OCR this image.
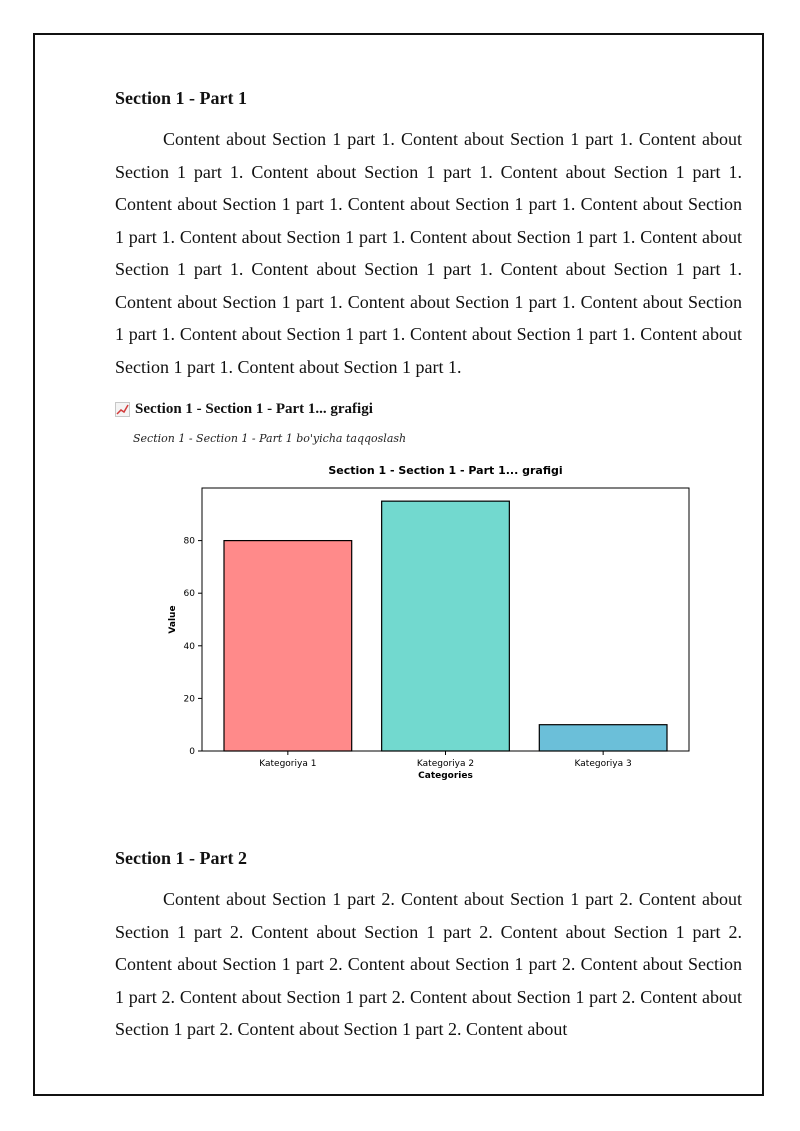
Section 1 - Part 1

Content about Section 1 part 1. Content about Section 1 part 1. Content about Section 1 part 1. Content about Section 1 part 1. Content about Section 1 part 1. Content about Section 1 part 1. Content about Section 1 part 1. Content about Section 1 part 1. Content about Section 1 part 1. Content about Section 1 part 1. Content about Section 1 part 1. Content about Section 1 part 1. Content about Section 1 part 1. Content about Section 1 part 1. Content about Section 1 part 1. Content about Section 1 part 1. Content about Section 1 part 1. Content about Section 1 part 1. Content about Section 1 part 1. Content about Section 1 part 1.

Section 1 - Section 1 - Part 1... grafigi
Section 1 - Section 1 - Part 1 bo'yicha taqqoslash
Section 1 - Section 1 - Part 1... grafigi
0
20
40
60
80
Kategoriya 1	Kategoriya 2	Kategoriya 3
Categories
Value
Section 1 - Part 2

Content about Section 1 part 2. Content about Section 1 part 2. Content about Section 1 part 2. Content about Section 1 part 2. Content about Section 1 part 2. Content about Section 1 part 2. Content about Section 1 part 2. Content about Section 1 part 2. Content about Section 1 part 2. Content about Section 1 part 2. Content about Section 1 part 2. Content about Section 1 part 2. Content about
